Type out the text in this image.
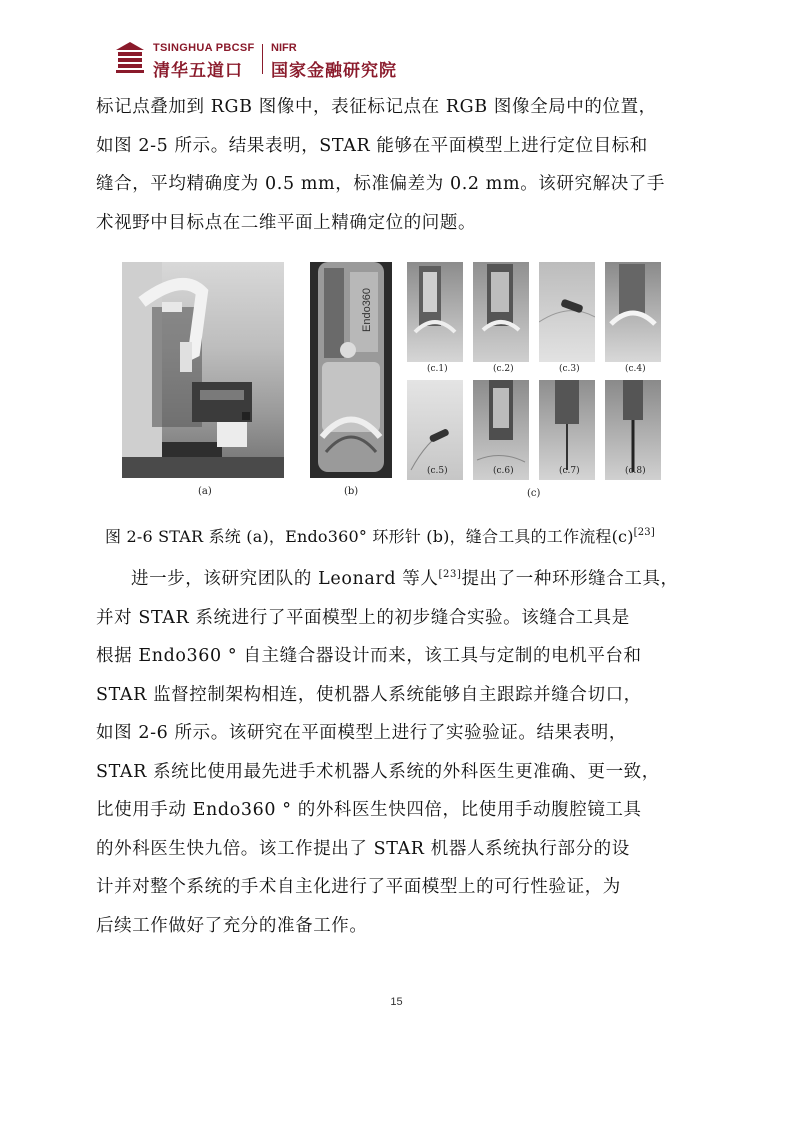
TSINGHUA PBCSF
清华五道口
NIFR
国家金融研究院
标记点叠加到 RGB 图像中，表征标记点在 RGB 图像全局中的位置，
如图 2-5 所示。结果表明，STAR 能够在平面模型上进行定位目标和
缝合，平均精确度为 0.5 mm，标准偏差为 0.2 mm。该研究解决了手
术视野中目标点在二维平面上精确定位的问题。
(a)
Endo360
(b)
(c.1)	(c.2)	(c.3)	(c.4)
(c.5)	(c.6)	(c.7)	(c.8)
(c)
图 2-6 STAR 系统 (a)，Endo360° 环形针 (b)，缝合工具的工作流程(c)[23]
进一步，该研究团队的 Leonard 等人[23]提出了一种环形缝合工具，
并对 STAR 系统进行了平面模型上的初步缝合实验。该缝合工具是
根据 Endo360 ° 自主缝合器设计而来，该工具与定制的电机平台和
STAR 监督控制架构相连，使机器人系统能够自主跟踪并缝合切口，
如图 2-6 所示。该研究在平面模型上进行了实验验证。结果表明，
STAR 系统比使用最先进手术机器人系统的外科医生更准确、更一致，
比使用手动 Endo360 ° 的外科医生快四倍，比使用手动腹腔镜工具
的外科医生快九倍。该工作提出了 STAR 机器人系统执行部分的设
计并对整个系统的手术自主化进行了平面模型上的可行性验证，为
后续工作做好了充分的准备工作。
15
